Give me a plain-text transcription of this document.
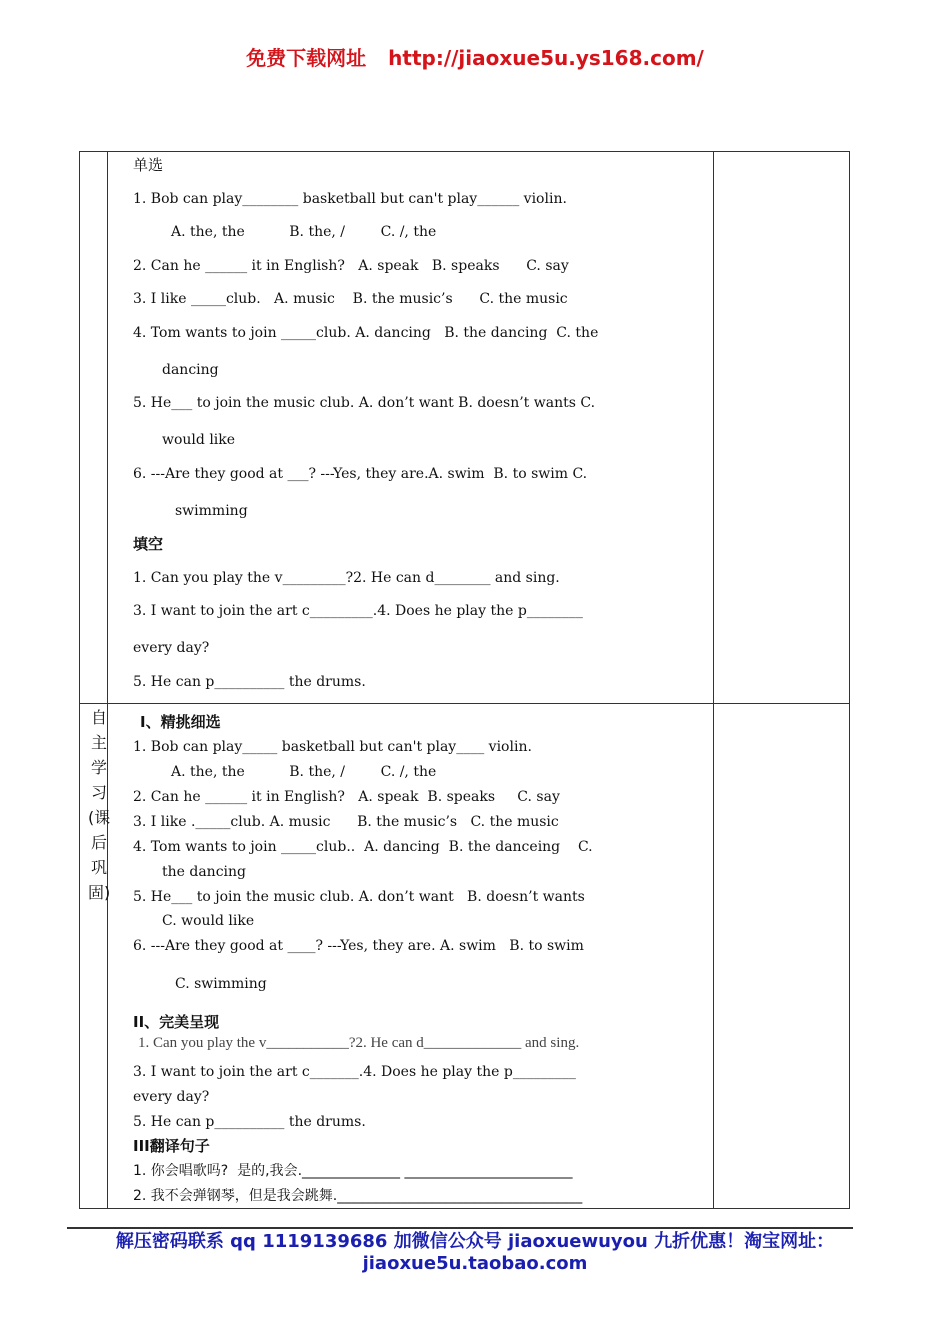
免费下载网址 http://jiaoxue5u.ys168.com/
自
主
学
习
(课
后
巩
固)
单选
1. Bob can play________ basketball but can't play______ violin.
A. the, the          B. the, /        C. /, the
2. Can he ______ it in English?   A. speak   B. speaks      C. say
3. I like _____club.   A. music    B. the music’s      C. the music
4. Tom wants to join _____club. A. dancing   B. the dancing  C. the
dancing
5. He___ to join the music club. A. don’t want B. doesn’t wants C.
would like
6. ---Are they good at ___? ---Yes, they are.A. swim  B. to swim C.
swimming
填空
1. Can you play the v_________?2. He can d________ and sing.
3. I want to join the art c_________.4. Does he play the p________
every day?
5. He can p__________ the drums.
I、精挑细选
1. Bob can play_____ basketball but can't play____ violin.
A. the, the          B. the, /        C. /, the
2. Can he ______ it in English?   A. speak  B. speaks     C. say
3. I like ._____club. A. music      B. the music’s   C. the music
4. Tom wants to join _____club..  A. dancing  B. the danceing    C.
the dancing
5. He___ to join the music club. A. don’t want   B. doesn’t wants
C. would like
6. ---Are they good at ____? ---Yes, they are. A. swim   B. to swim
C. swimming
II、完美呈现
1. Can you play the v___________?2. He can d_____________ and sing.
3. I want to join the art c_______.4. Does he play the p_________
every day?
5. He can p__________ the drums.
III翻译句子
1. 你会唱歌吗?  是的,我会.______________ ________________________
2. 我不会弹钢琴，但是我会跳舞.___________________________________
解压密码联系 qq 1119139686 加微信公众号 jiaoxuewuyou 九折优惠！淘宝网址：
jiaoxue5u.taobao.com
